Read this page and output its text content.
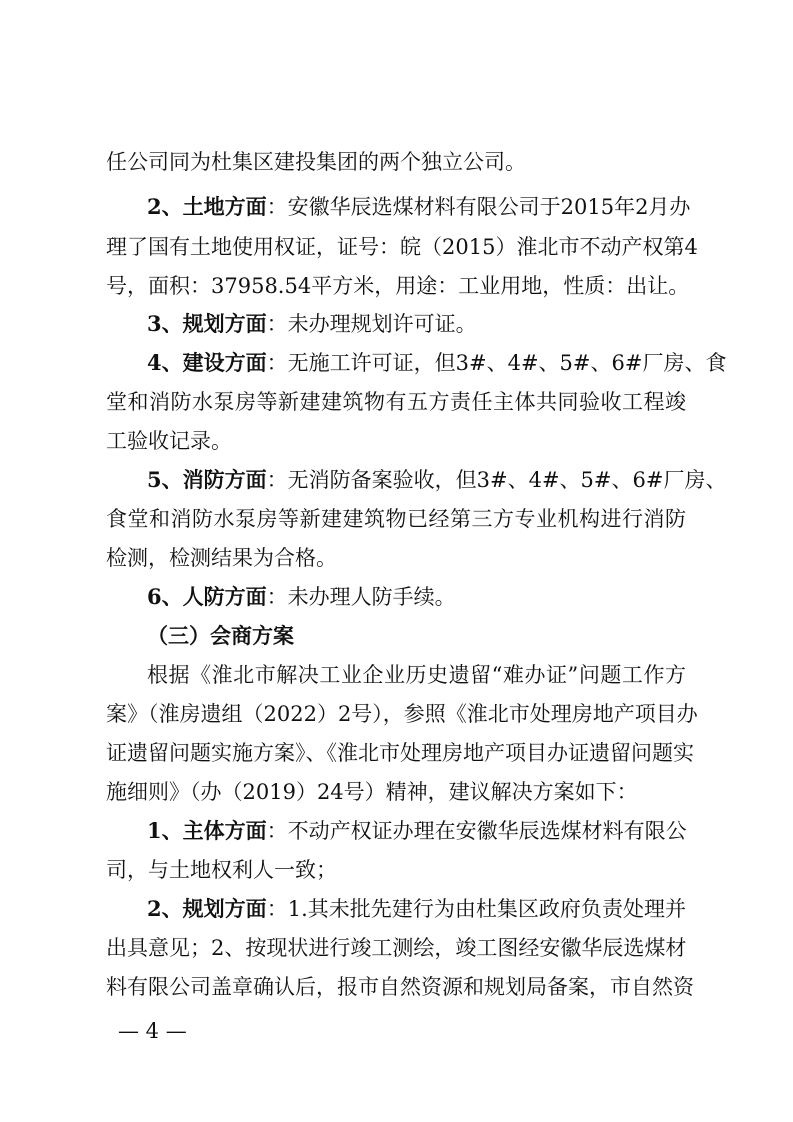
任公司同为杜集区建投集团的两个独立公司。
2、土地方面：安徽华辰选煤材料有限公司于2015年2月办
理了国有土地使用权证，证号：皖（2015）淮北市不动产权第4
号，面积：37958.54平方米，用途：工业用地，性质：出让。
3、规划方面：未办理规划许可证。
4、建设方面：无施工许可证，但3#、4#、5#、6#厂房、食
堂和消防水泵房等新建建筑物有五方责任主体共同验收工程竣
工验收记录。
5、消防方面：无消防备案验收，但3#、4#、5#、6#厂房、
食堂和消防水泵房等新建建筑物已经第三方专业机构进行消防
检测，检测结果为合格。
6、人防方面：未办理人防手续。
（三）会商方案
根据《淮北市解决工业企业历史遗留“难办证”问题工作方
案》（淮房遗组（2022）2号），参照《淮北市处理房地产项目办
证遗留问题实施方案》、《淮北市处理房地产项目办证遗留问题实
施细则》（办（2019）24号）精神，建议解决方案如下：
1、主体方面：不动产权证办理在安徽华辰选煤材料有限公
司，与土地权利人一致；
2、规划方面：1.其未批先建行为由杜集区政府负责处理并
出具意见；2、按现状进行竣工测绘，竣工图经安徽华辰选煤材
料有限公司盖章确认后，报市自然资源和规划局备案，市自然资
— 4 —
